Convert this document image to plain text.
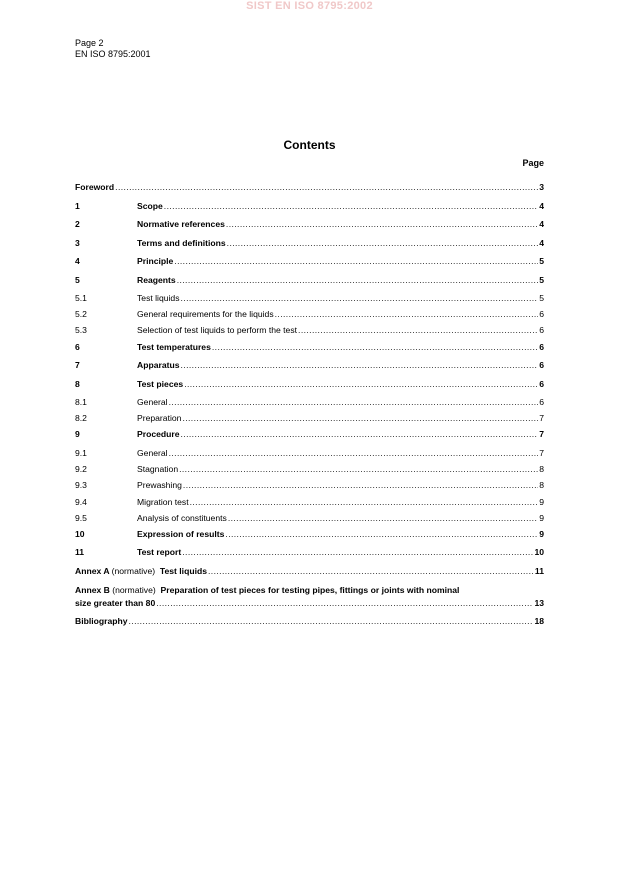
SIST EN ISO 8795:2002
Page 2
EN ISO 8795:2001
Contents
Page
Foreword .....	3
1	Scope .....	4
2	Normative references .....	4
3	Terms and definitions .....	4
4	Principle .....	5
5	Reagents .....	5
5.1	Test liquids .....	5
5.2	General requirements for the liquids .....	6
5.3	Selection of test liquids to perform the test .....	6
6	Test temperatures .....	6
7	Apparatus .....	6
8	Test pieces .....	6
8.1	General .....	6
8.2	Preparation .....	7
9	Procedure .....	7
9.1	General .....	7
9.2	Stagnation .....	8
9.3	Prewashing .....	8
9.4	Migration test .....	9
9.5	Analysis of constituents .....	9
10	Expression of results .....	9
11	Test report .....	10
Annex A (normative) Test liquids .....	11
Annex B (normative) Preparation of test pieces for testing pipes, fittings or joints with nominal
size greater than 80 .....	13
Bibliography .....	18
